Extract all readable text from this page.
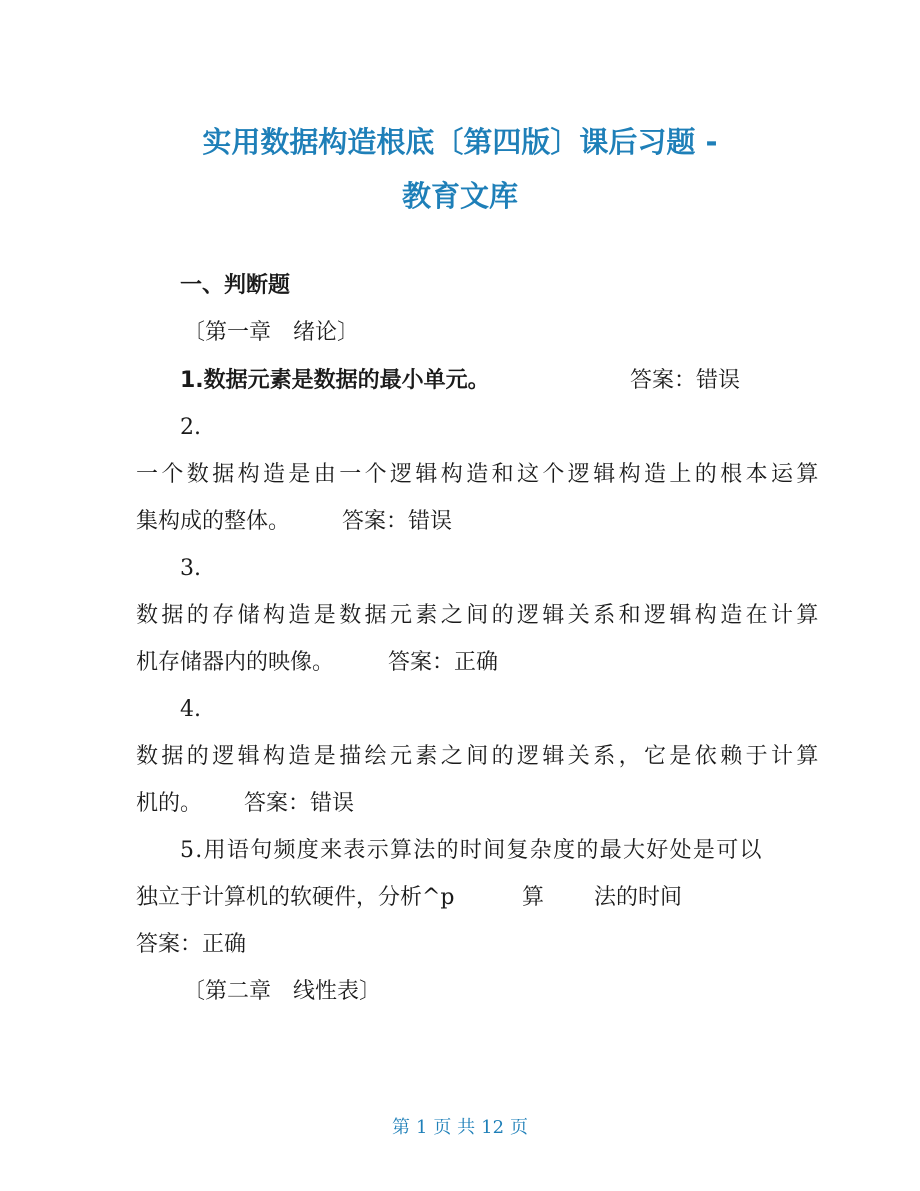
实用数据构造根底〔第四版〕课后习题 -
教育文库
一、判断题
〔第一章　绪论〕
1.数据元素是数据的最小单元。	答案：错误
2.
一个数据构造是由一个逻辑构造和这个逻辑构造上的根本运算
集构成的整体。 答案：错误
3.
数据的存储构造是数据元素之间的逻辑关系和逻辑构造在计算
机存储器内的映像。 答案：正确
4.
数据的逻辑构造是描绘元素之间的逻辑关系，它是依赖于计算
机的。 答案：错误
5.用语句频度来表示算法的时间复杂度的最大好处是可以
独立于计算机的软硬件，分析^p	算 法的时间
答案：正确
〔第二章　线性表〕
第 1 页 共 12 页
